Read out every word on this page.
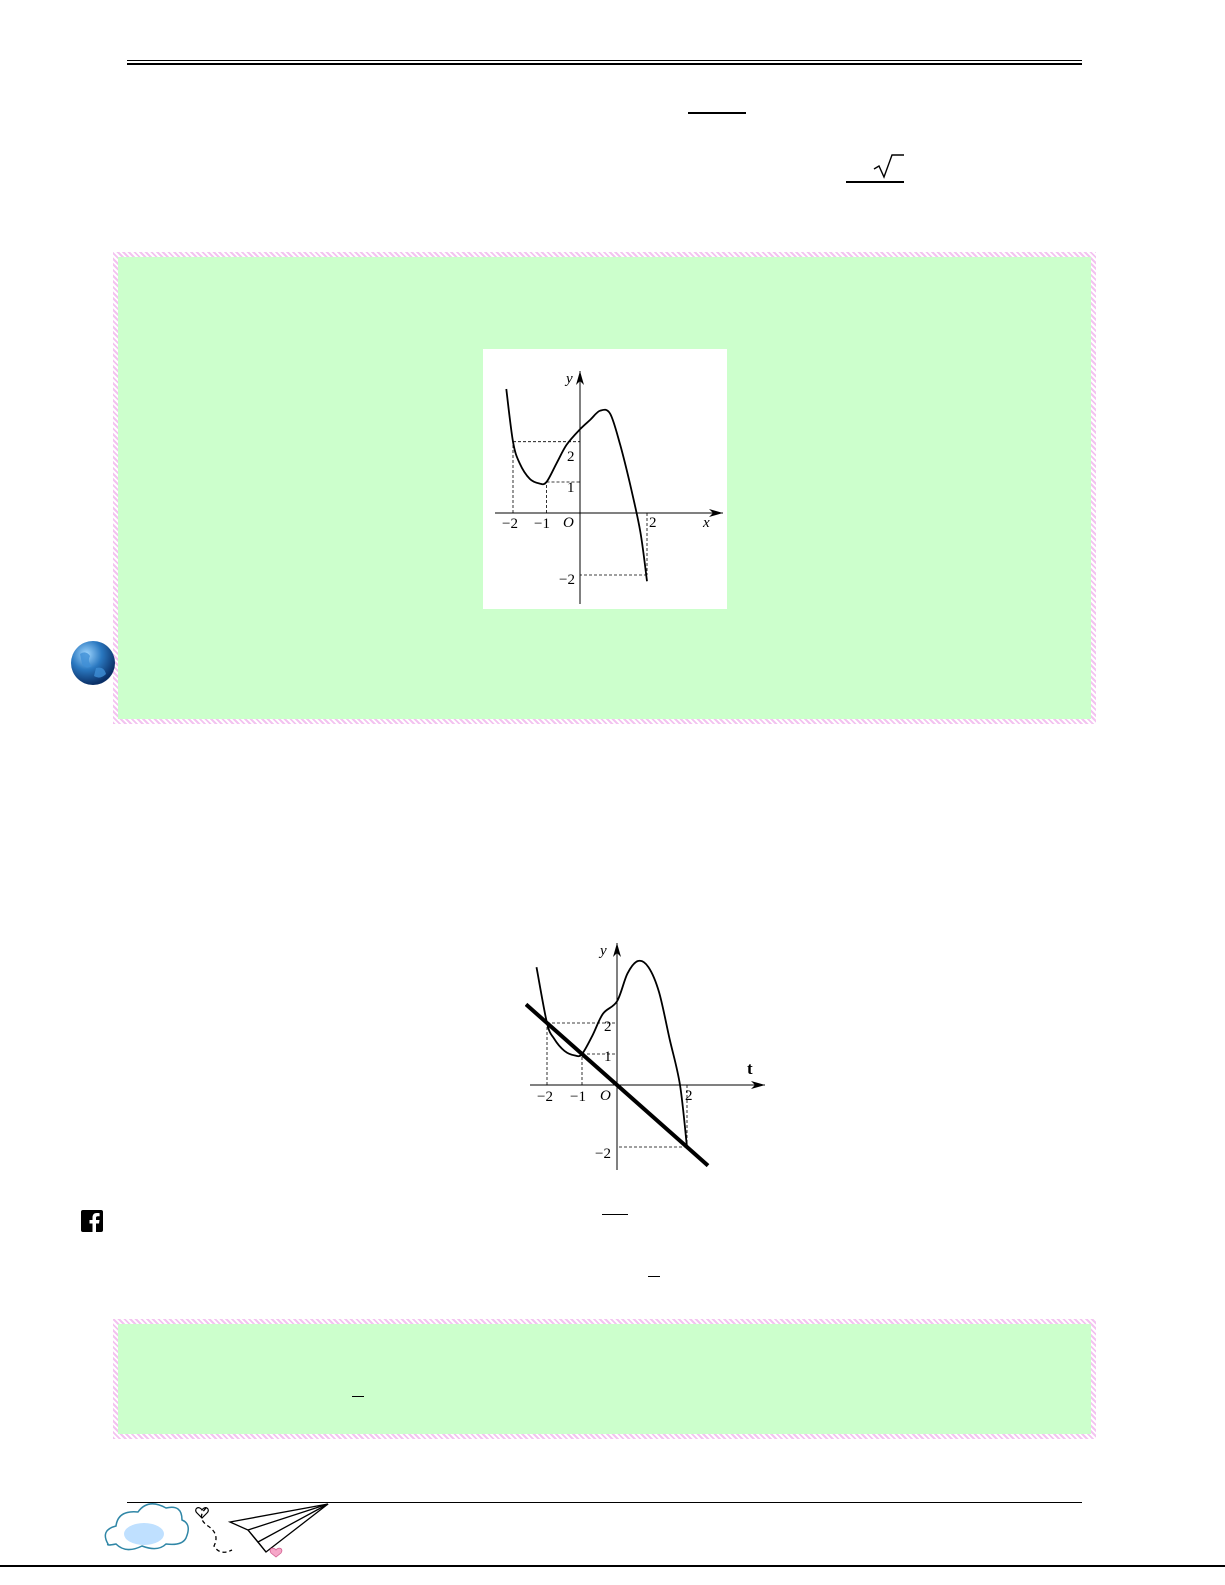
y
x
O
−2 −1	2
2
1
−2
y
t
O
−2 −1	2
2
1
−2
